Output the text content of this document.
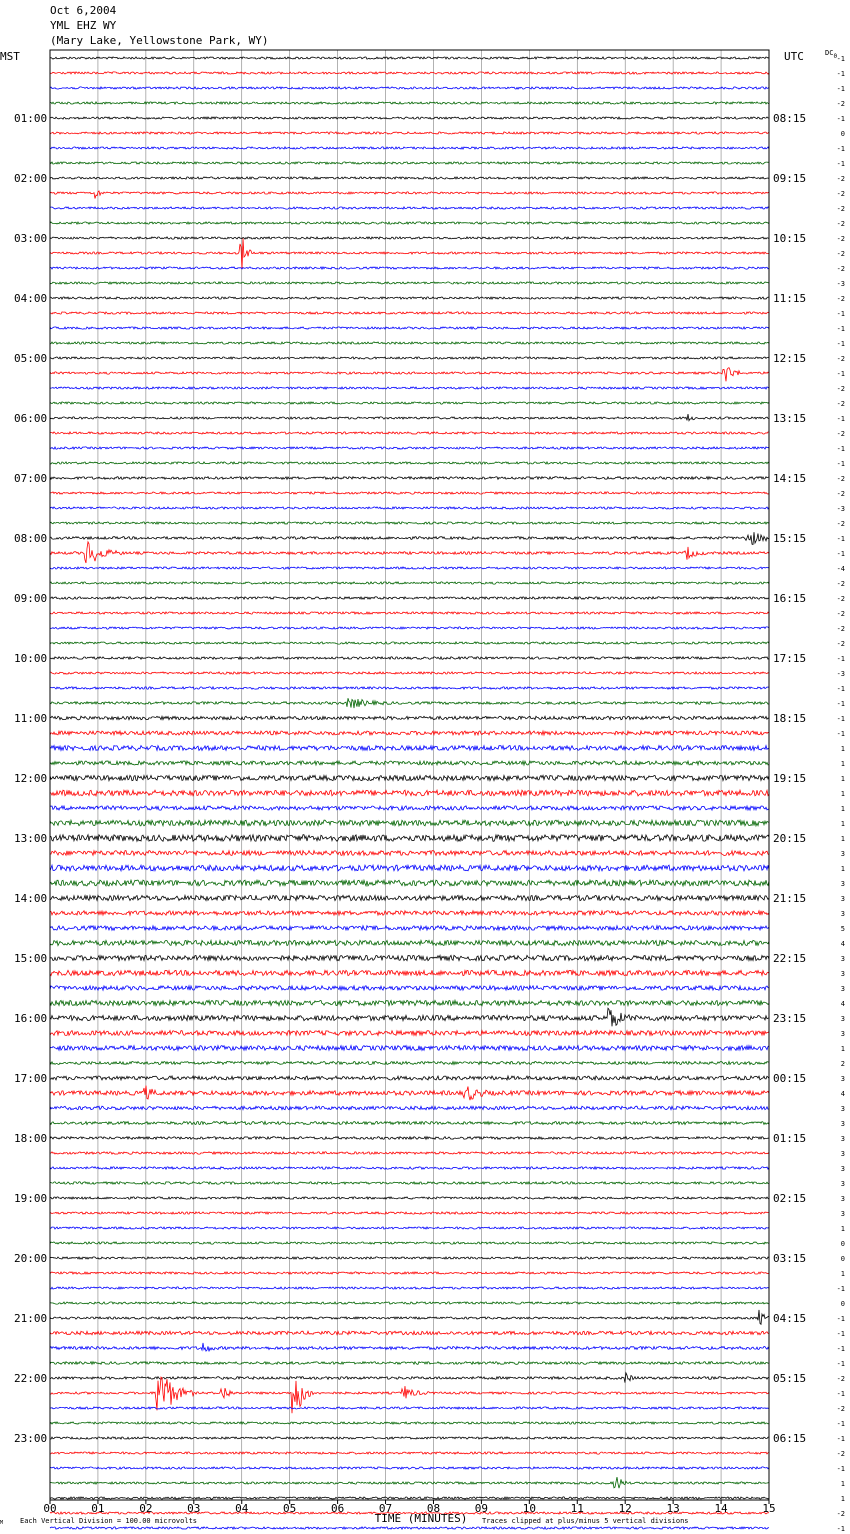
Oct 6,2004
YML EHZ WY
(Mary Lake, Yellowstone Park, WY)
MST	UTC	DC0
01:00
02:00
03:00
04:00
05:00
06:00
07:00
08:00
09:00
10:00
11:00
12:00
13:00
14:00
15:00
16:00
17:00
18:00
19:00
20:00
21:00
22:00
23:00
08:15
09:15
10:15
11:15
12:15
13:15
14:15
15:15
16:15
17:15
18:15
19:15
20:15
21:15
22:15
23:15
00:15
01:15
02:15
03:15
04:15
05:15
06:15
-1
-1
-1
-2
-1
0
-1
-1
-2
-2
-2
-2
-2
-2
-2
-3
-2
-1
-1
-1
-2
-1
-2
-2
-1
-2
-1
-1
-2
-2
-3
-2
-1
-1
-4
-2
-2
-2
-2
-2
-1
-3
-1
-1
-1
-1
1
1
1
1
1
1
1
3
1
3
3
3
5
4
3
3
3
4
3
3
1
2
3
4
3
3
3
3
3
3
3
3
1
0
0
1
-1
0
-1
-1
-1
-1
-2
-1
-2
-1
-1
-2
-1
1
1
-2
-1
00	01	02	03	04	05	06	07	08	09	10	11	12	13	14	15
TIME (MINUTES)
Each Vertical Division = 100.00 microvolts	Traces clipped at plus/minus 5 vertical divisions
M
